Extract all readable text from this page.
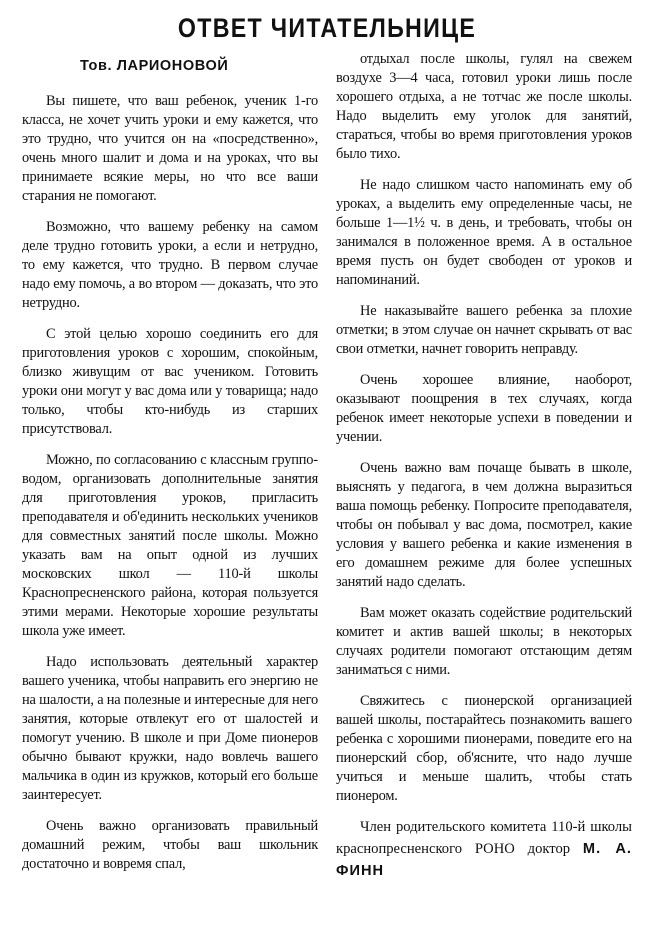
ОТВЕТ ЧИТАТЕЛЬНИЦЕ
Тов. ЛАРИОНОВОЙ

Вы пишете, что ваш ребенок, ученик 1-го класса, не хочет учить уроки и ему кажется, что это трудно, что учится он на «посредственно», очень много шалит и дома и на уроках, что вы принимаете всякие меры, но что все ваши старания не помогают.

Возможно, что вашему ребенку на самом деле трудно готовить уроки, а если и нетрудно, то ему кажется, что трудно. В первом случае надо ему помочь, а во втором — доказать, что это нетрудно.

С этой целью хорошо соединить его для приготовления уроков с хорошим, спокойным, близко живущим от вас учеником. Готовить уроки они могут у вас дома или у товарища; надо только, чтобы кто-нибудь из старших присутствовал.

Можно, по согласованию с классным групповодом, организовать дополнительные занятия для приготовления уроков, пригласить преподавателя и об'единить нескольких учеников для совместных занятий после школы. Можно указать вам на опыт одной из лучших московских школ — 110-й школы Краснопресненского района, которая пользуется этими мерами. Некоторые хорошие результаты школа уже имеет.

Надо использовать деятельный характер вашего ученика, чтобы направить его энергию не на шалости, а на полезные и интересные для него занятия, которые отвлекут его от шалостей и помогут учению. В школе и при Доме пионеров обычно бывают кружки, надо вовлечь вашего мальчика в один из кружков, который его больше заинтересует.

Очень важно организовать правильный домашний режим, чтобы ваш школьник достаточно и вовремя спал,

отдыхал после школы, гулял на свежем воздухе 3—4 часа, готовил уроки лишь после хорошего отдыха, а не тотчас же после школы. Надо выделить ему уголок для занятий, стараться, чтобы во время приготовления уроков было тихо.

Не надо слишком часто напоминать ему об уроках, а выделить ему определенные часы, не больше 1—1½ ч. в день, и требовать, чтобы он занимался в положенное время. А в остальное время пусть он будет свободен от уроков и напоминаний.

Не наказывайте вашего ребенка за плохие отметки; в этом случае он начнет скрывать от вас свои отметки, начнет говорить неправду.

Очень хорошее влияние, наоборот, оказывают поощрения в тех случаях, когда ребенок имеет некоторые успехи в поведении и учении.

Очень важно вам почаще бывать в школе, выяснять у педагога, в чем должна выразиться ваша помощь ребенку. Попросите преподавателя, чтобы он побывал у вас дома, посмотрел, какие условия у вашего ребенка и какие изменения в его домашнем режиме для более успешных занятий надо сделать.

Вам может оказать содействие родительский комитет и актив вашей школы; в некоторых случаях родители помогают отстающим детям заниматься с ними.

Свяжитесь с пионерской организацией вашей школы, постарайтесь познакомить вашего ребенка с хорошими пионерами, поведите его на пионерский сбор, об'ясните, что надо лучше учиться и меньше шалить, чтобы стать пионером.

Член родительского комитета 110-й школы краснопресненского РОНО доктор М. А. ФИНН
